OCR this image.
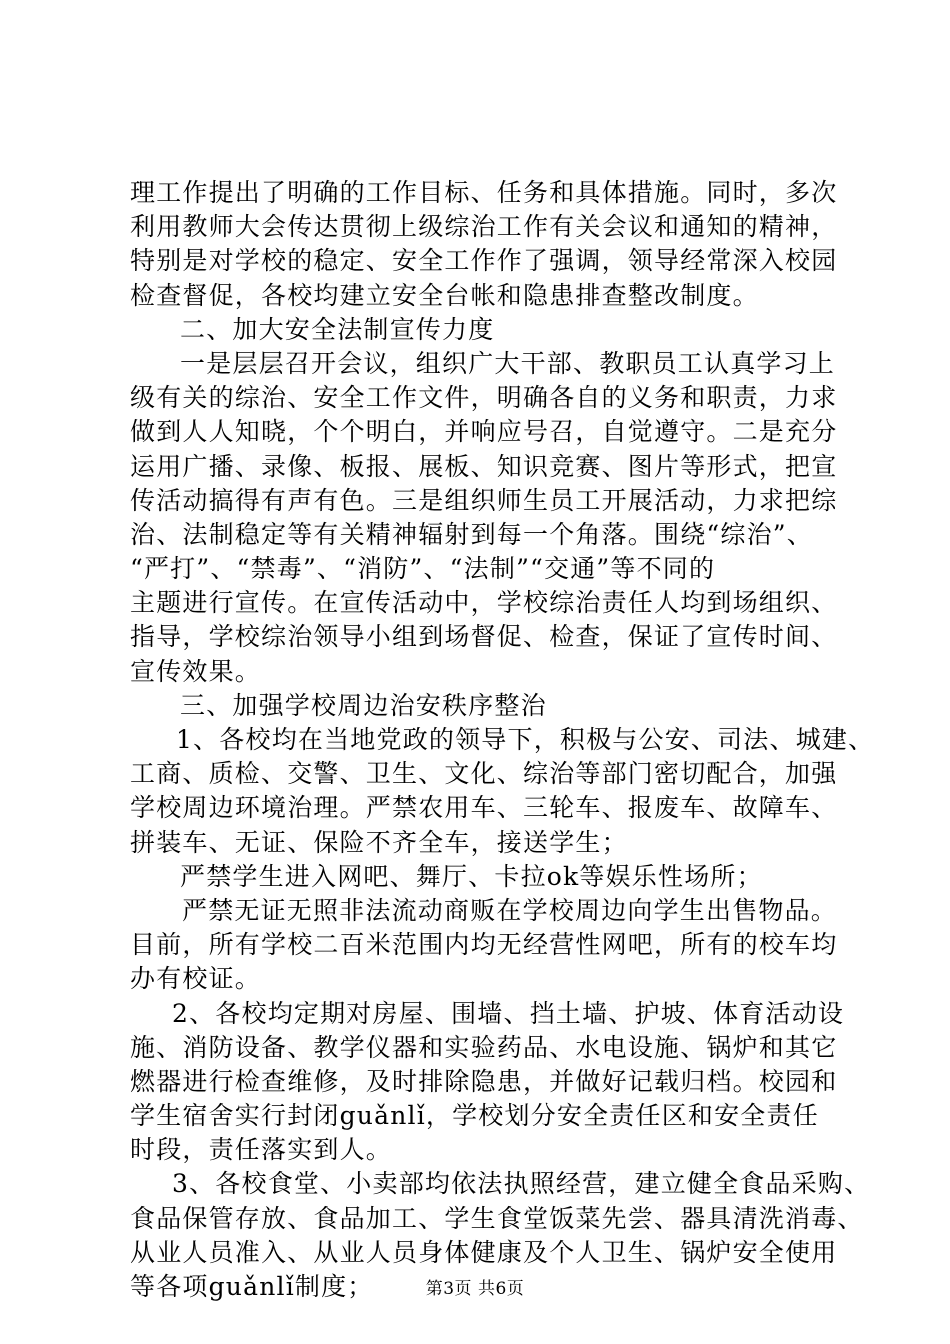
理工作提出了明确的工作目标、任务和具体措施。同时，多次
利用教师大会传达贯彻上级综治工作有关会议和通知的精神，
特别是对学校的稳定、安全工作作了强调，领导经常深入校园
检查督促，各校均建立安全台帐和隐患排查整改制度。
二、加大安全法制宣传力度
一是层层召开会议，组织广大干部、教职员工认真学习上
级有关的综治、安全工作文件，明确各自的义务和职责，力求
做到人人知晓，个个明白，并响应号召，自觉遵守。二是充分
运用广播、录像、板报、展板、知识竞赛、图片等形式，把宣
传活动搞得有声有色。三是组织师生员工开展活动，力求把综
治、法制稳定等有关精神辐射到每一个角落。围绕“综治”、
“严打”、“禁毒”、“消防”、“法制”“交通”等不同的
主题进行宣传。在宣传活动中，学校综治责任人均到场组织、
指导，学校综治领导小组到场督促、检查，保证了宣传时间、
宣传效果。
三、加强学校周边治安秩序整治
1、各校均在当地党政的领导下，积极与公安、司法、城建、
工商、质检、交警、卫生、文化、综治等部门密切配合，加强
学校周边环境治理。严禁农用车、三轮车、报废车、故障车、
拼装车、无证、保险不齐全车，接送学生；
严禁学生进入网吧、舞厅、卡拉ok等娱乐性场所；
严禁无证无照非法流动商贩在学校周边向学生出售物品。
目前，所有学校二百米范围内均无经营性网吧，所有的校车均
办有校证。
2、各校均定期对房屋、围墙、挡土墙、护坡、体育活动设
施、消防设备、教学仪器和实验药品、水电设施、锅炉和其它
燃器进行检查维修，及时排除隐患，并做好记载归档。校园和
学生宿舍实行封闭guǎnlǐ，学校划分安全责任区和安全责任
时段，责任落实到人。
3、各校食堂、小卖部均依法执照经营，建立健全食品采购、
食品保管存放、食品加工、学生食堂饭菜先尝、器具清洗消毒、
从业人员准入、从业人员身体健康及个人卫生、锅炉安全使用
等各项guǎnlǐ制度；	第3页 共6页
